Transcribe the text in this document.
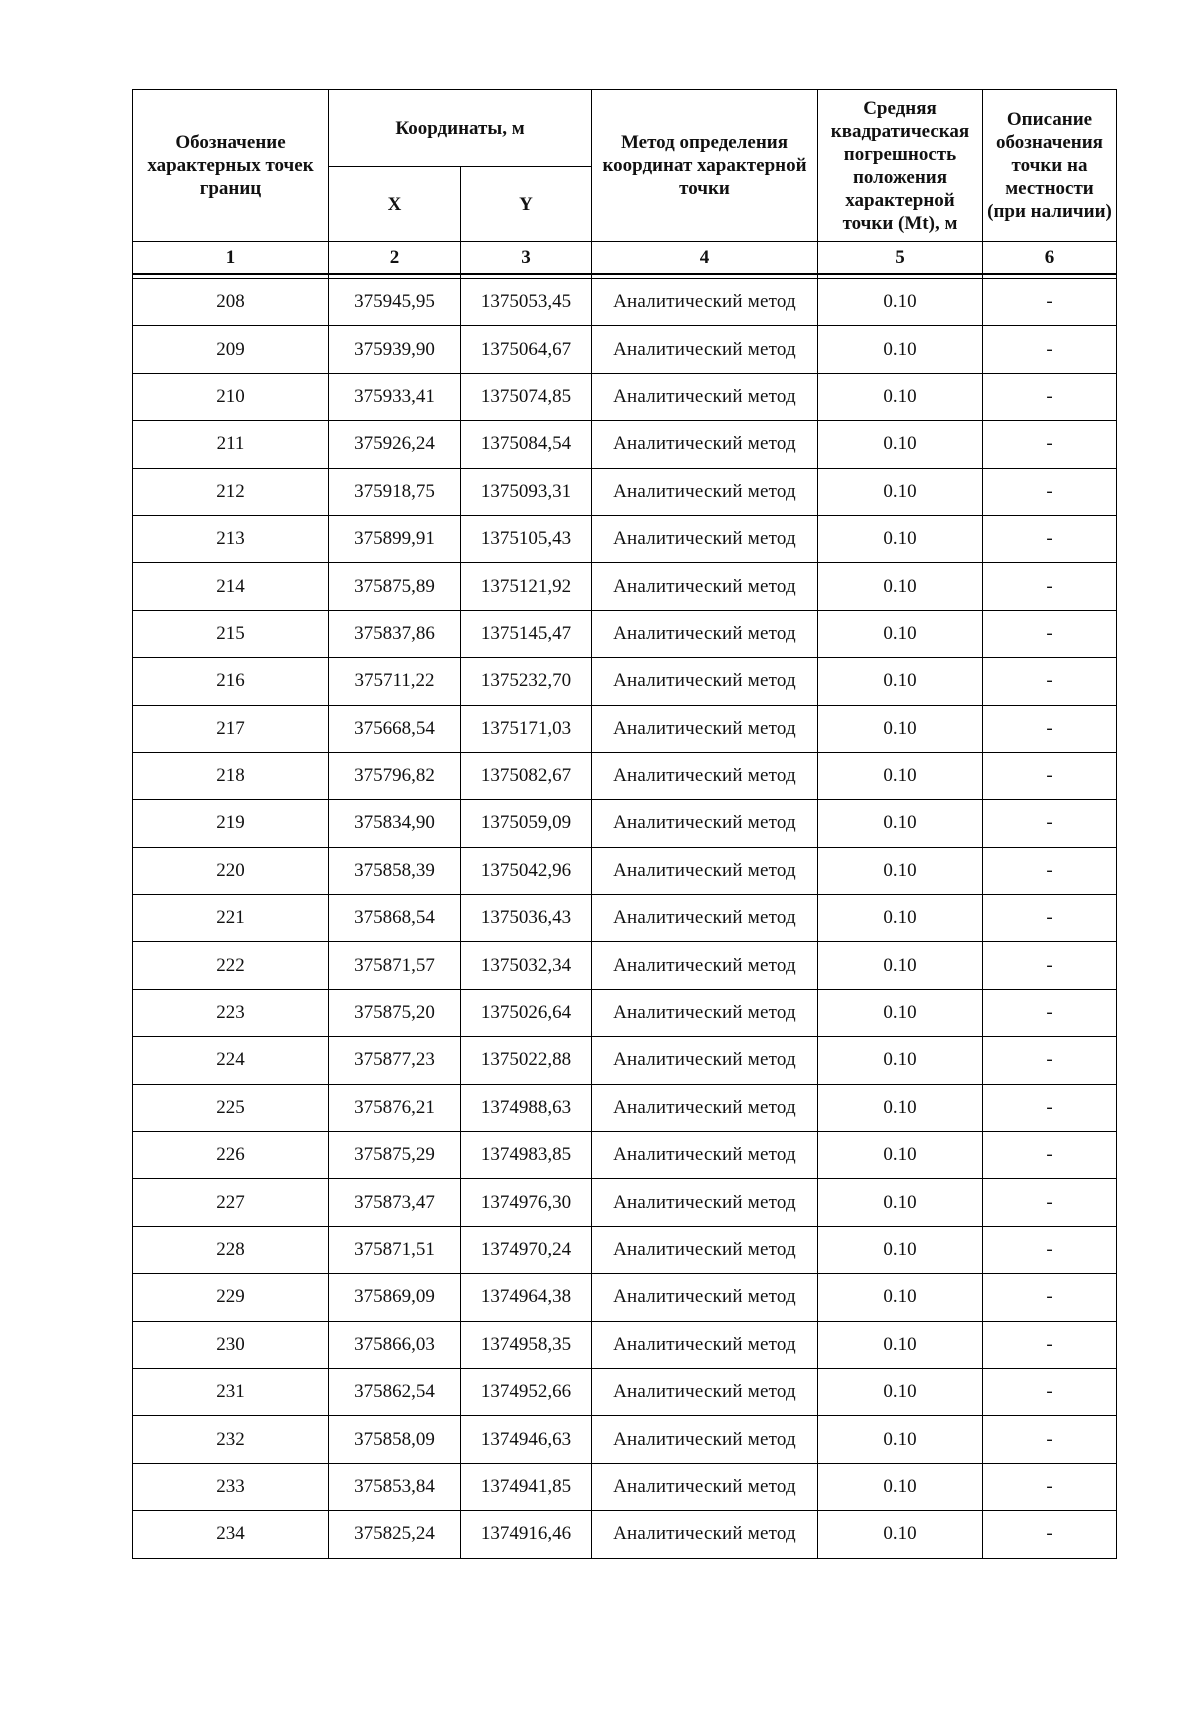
Обозначение характерных точек границ	Координаты, м		Метод определения координат характерной точки	Средняя квадратическая погрешность положения характерной точки (Mt), м	Описание обозначения точки на местности (при наличии)
	X	Y			
1	2	3	4	5	6

208	375945,95	1375053,45	Аналитический метод	0.10	-
209	375939,90	1375064,67	Аналитический метод	0.10	-
210	375933,41	1375074,85	Аналитический метод	0.10	-
211	375926,24	1375084,54	Аналитический метод	0.10	-
212	375918,75	1375093,31	Аналитический метод	0.10	-
213	375899,91	1375105,43	Аналитический метод	0.10	-
214	375875,89	1375121,92	Аналитический метод	0.10	-
215	375837,86	1375145,47	Аналитический метод	0.10	-
216	375711,22	1375232,70	Аналитический метод	0.10	-
217	375668,54	1375171,03	Аналитический метод	0.10	-
218	375796,82	1375082,67	Аналитический метод	0.10	-
219	375834,90	1375059,09	Аналитический метод	0.10	-
220	375858,39	1375042,96	Аналитический метод	0.10	-
221	375868,54	1375036,43	Аналитический метод	0.10	-
222	375871,57	1375032,34	Аналитический метод	0.10	-
223	375875,20	1375026,64	Аналитический метод	0.10	-
224	375877,23	1375022,88	Аналитический метод	0.10	-
225	375876,21	1374988,63	Аналитический метод	0.10	-
226	375875,29	1374983,85	Аналитический метод	0.10	-
227	375873,47	1374976,30	Аналитический метод	0.10	-
228	375871,51	1374970,24	Аналитический метод	0.10	-
229	375869,09	1374964,38	Аналитический метод	0.10	-
230	375866,03	1374958,35	Аналитический метод	0.10	-
231	375862,54	1374952,66	Аналитический метод	0.10	-
232	375858,09	1374946,63	Аналитический метод	0.10	-
233	375853,84	1374941,85	Аналитический метод	0.10	-
234	375825,24	1374916,46	Аналитический метод	0.10	-
